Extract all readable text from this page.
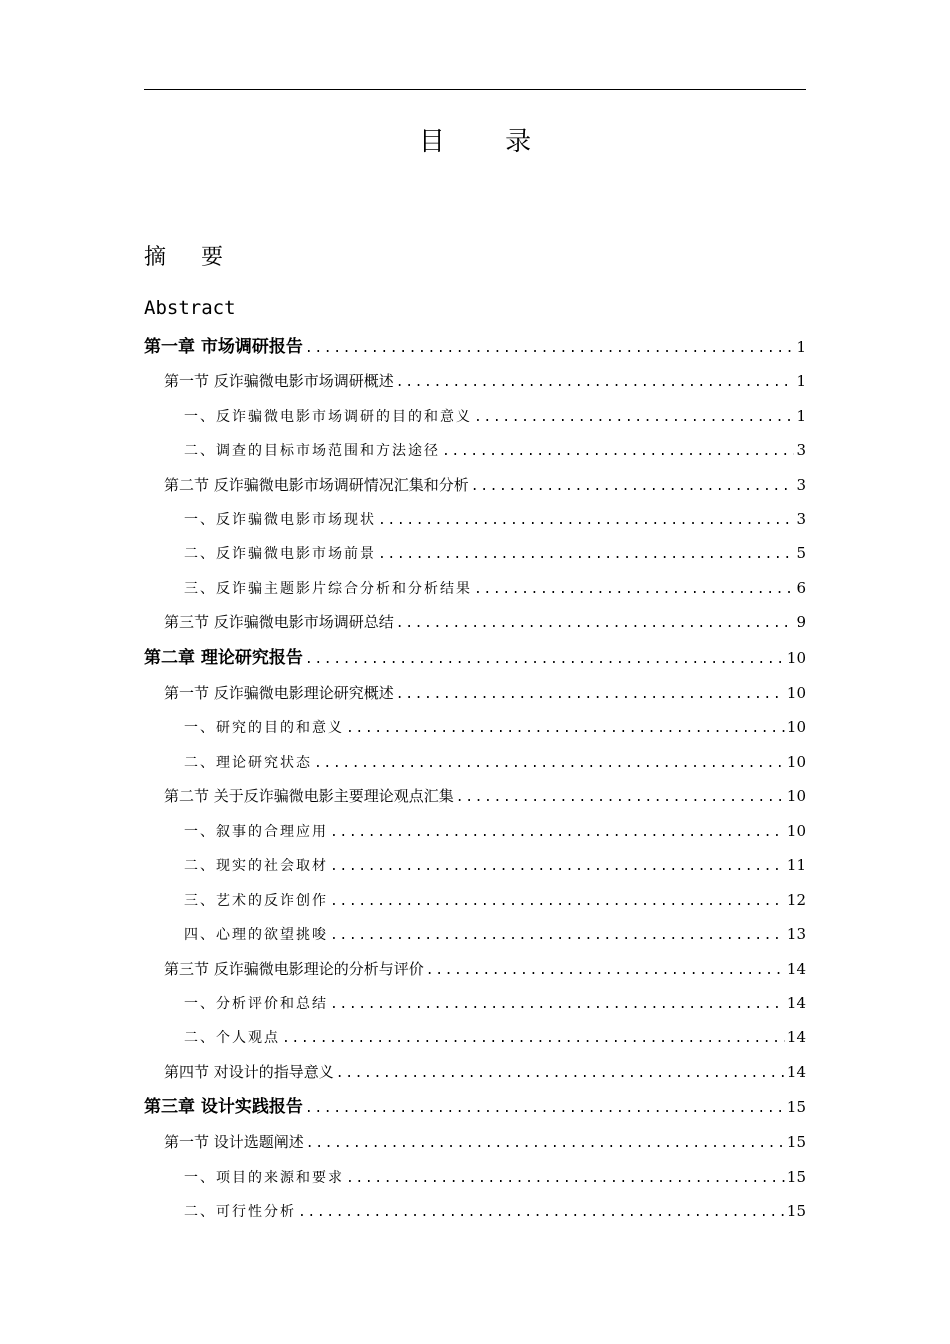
目 录
摘 要
Abstract
第一章 市场调研报告 .....	1
第一节 反诈骗微电影市场调研概述 .....	1
一、反诈骗微电影市场调研的目的和意义 .....	1
二、调查的目标市场范围和方法途径 .....	3
第二节 反诈骗微电影市场调研情况汇集和分析 .....	3
一、反诈骗微电影市场现状 .....	3
二、反诈骗微电影市场前景 .....	5
三、反诈骗主题影片综合分析和分析结果 .....	6
第三节 反诈骗微电影市场调研总结 .....	9
第二章 理论研究报告 .....	10
第一节 反诈骗微电影理论研究概述 .....	10
一、研究的目的和意义 .....	10
二、理论研究状态 .....	10
第二节 关于反诈骗微电影主要理论观点汇集 .....	10
一、叙事的合理应用 .....	10
二、现实的社会取材 .....	11
三、艺术的反诈创作 .....	12
四、心理的欲望挑唆 .....	13
第三节 反诈骗微电影理论的分析与评价 .....	14
一、分析评价和总结 .....	14
二、个人观点 .....	14
第四节 对设计的指导意义 .....	14
第三章 设计实践报告 .....	15
第一节 设计选题阐述 .....	15
一、项目的来源和要求 .....	15
二、可行性分析 .....	15
